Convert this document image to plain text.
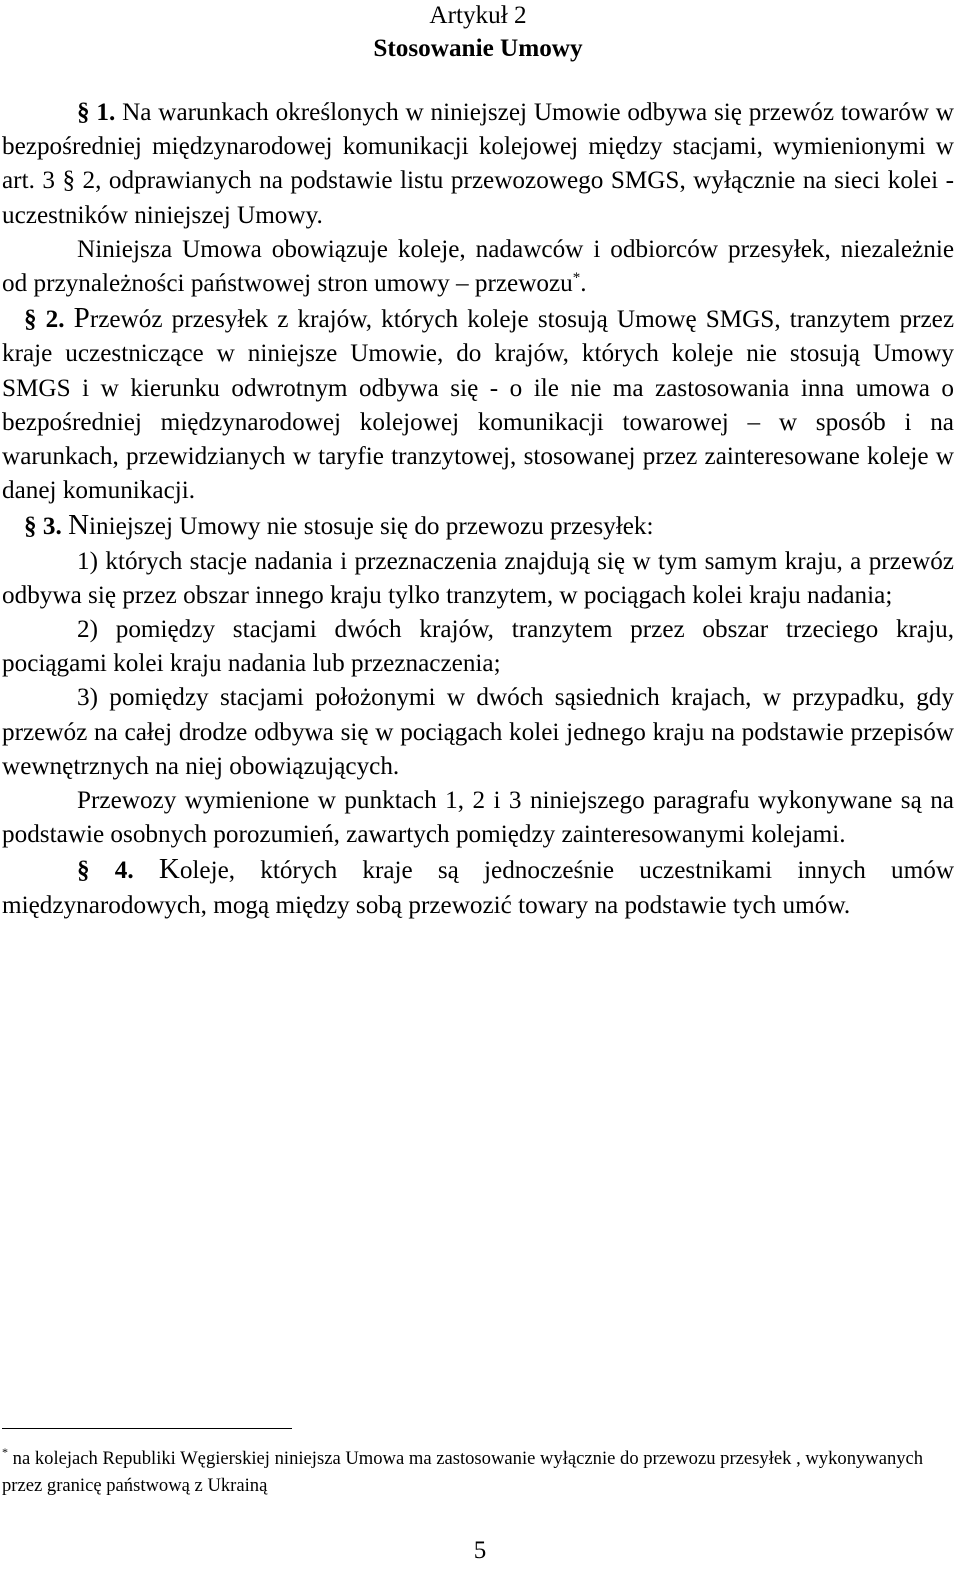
Artykuł 2

Stosowanie Umowy

§ 1. Na warunkach określonych w niniejszej Umowie odbywa się przewóz towarów w bezpośredniej międzynarodowej komunikacji kolejowej między stacjami, wymienionymi w art. 3 § 2, odprawianych na podstawie listu przewozowego SMGS, wyłącznie na sieci kolei - uczestników niniejszej Umowy.

Niniejsza Umowa obowiązuje koleje, nadawców i odbiorców przesyłek, niezależnie od przynależności państwowej stron umowy – przewozu*.

§ 2. Przewóz przesyłek z krajów, których koleje stosują Umowę SMGS, tranzytem przez kraje uczestniczące w niniejsze Umowie, do krajów, których koleje nie stosują Umowy SMGS i w kierunku odwrotnym odbywa się - o ile nie ma zastosowania inna umowa o bezpośredniej międzynarodowej kolejowej komunikacji towarowej – w sposób i na warunkach, przewidzianych w taryfie tranzytowej, stosowanej przez zainteresowane koleje w danej komunikacji.

§ 3. Niniejszej Umowy nie stosuje się do przewozu przesyłek:

1) których stacje nadania i przeznaczenia znajdują się w tym samym kraju, a przewóz odbywa się przez obszar innego kraju tylko tranzytem, w pociągach kolei kraju nadania;

2) pomiędzy stacjami dwóch krajów, tranzytem przez obszar trzeciego kraju, pociągami kolei kraju nadania lub przeznaczenia;

3) pomiędzy stacjami położonymi w dwóch sąsiednich krajach, w przypadku, gdy przewóz na całej drodze odbywa się w pociągach kolei jednego kraju na podstawie przepisów wewnętrznych na niej obowiązujących.

Przewozy wymienione w punktach 1, 2 i 3 niniejszego paragrafu wykonywane są na podstawie osobnych porozumień, zawartych pomiędzy zainteresowanymi kolejami.

§ 4. Koleje, których kraje są jednocześnie uczestnikami innych umów międzynarodowych, mogą między sobą przewozić towary na podstawie tych umów.

* na kolejach Republiki Węgierskiej niniejsza Umowa ma zastosowanie wyłącznie do przewozu przesyłek , wykonywanych przez granicę państwową z Ukrainą

5
